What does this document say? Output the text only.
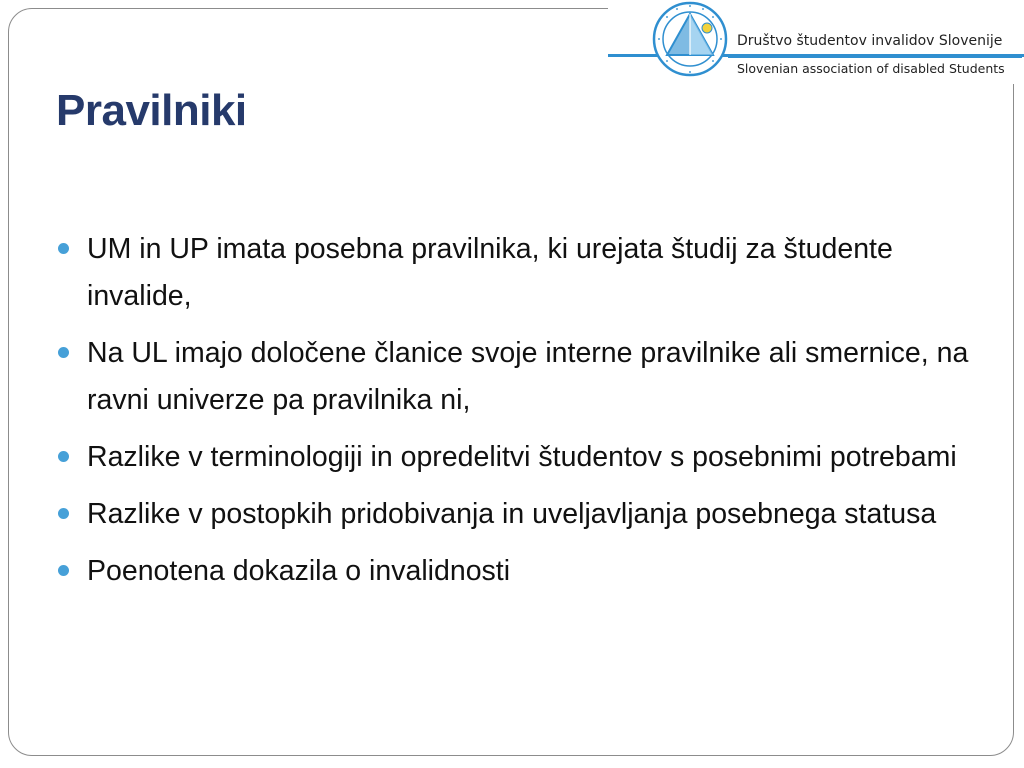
Društvo študentov invalidov Slovenije
Slovenian association of disabled Students
Pravilniki
UM in UP imata posebna pravilnika, ki urejata študij za študente invalide,
Na UL imajo določene članice svoje interne pravilnike ali smernice, na ravni univerze pa pravilnika ni,
Razlike v terminologiji in opredelitvi študentov s posebnimi potrebami
Razlike v postopkih pridobivanja in uveljavljanja posebnega statusa
Poenotena dokazila o invalidnosti
